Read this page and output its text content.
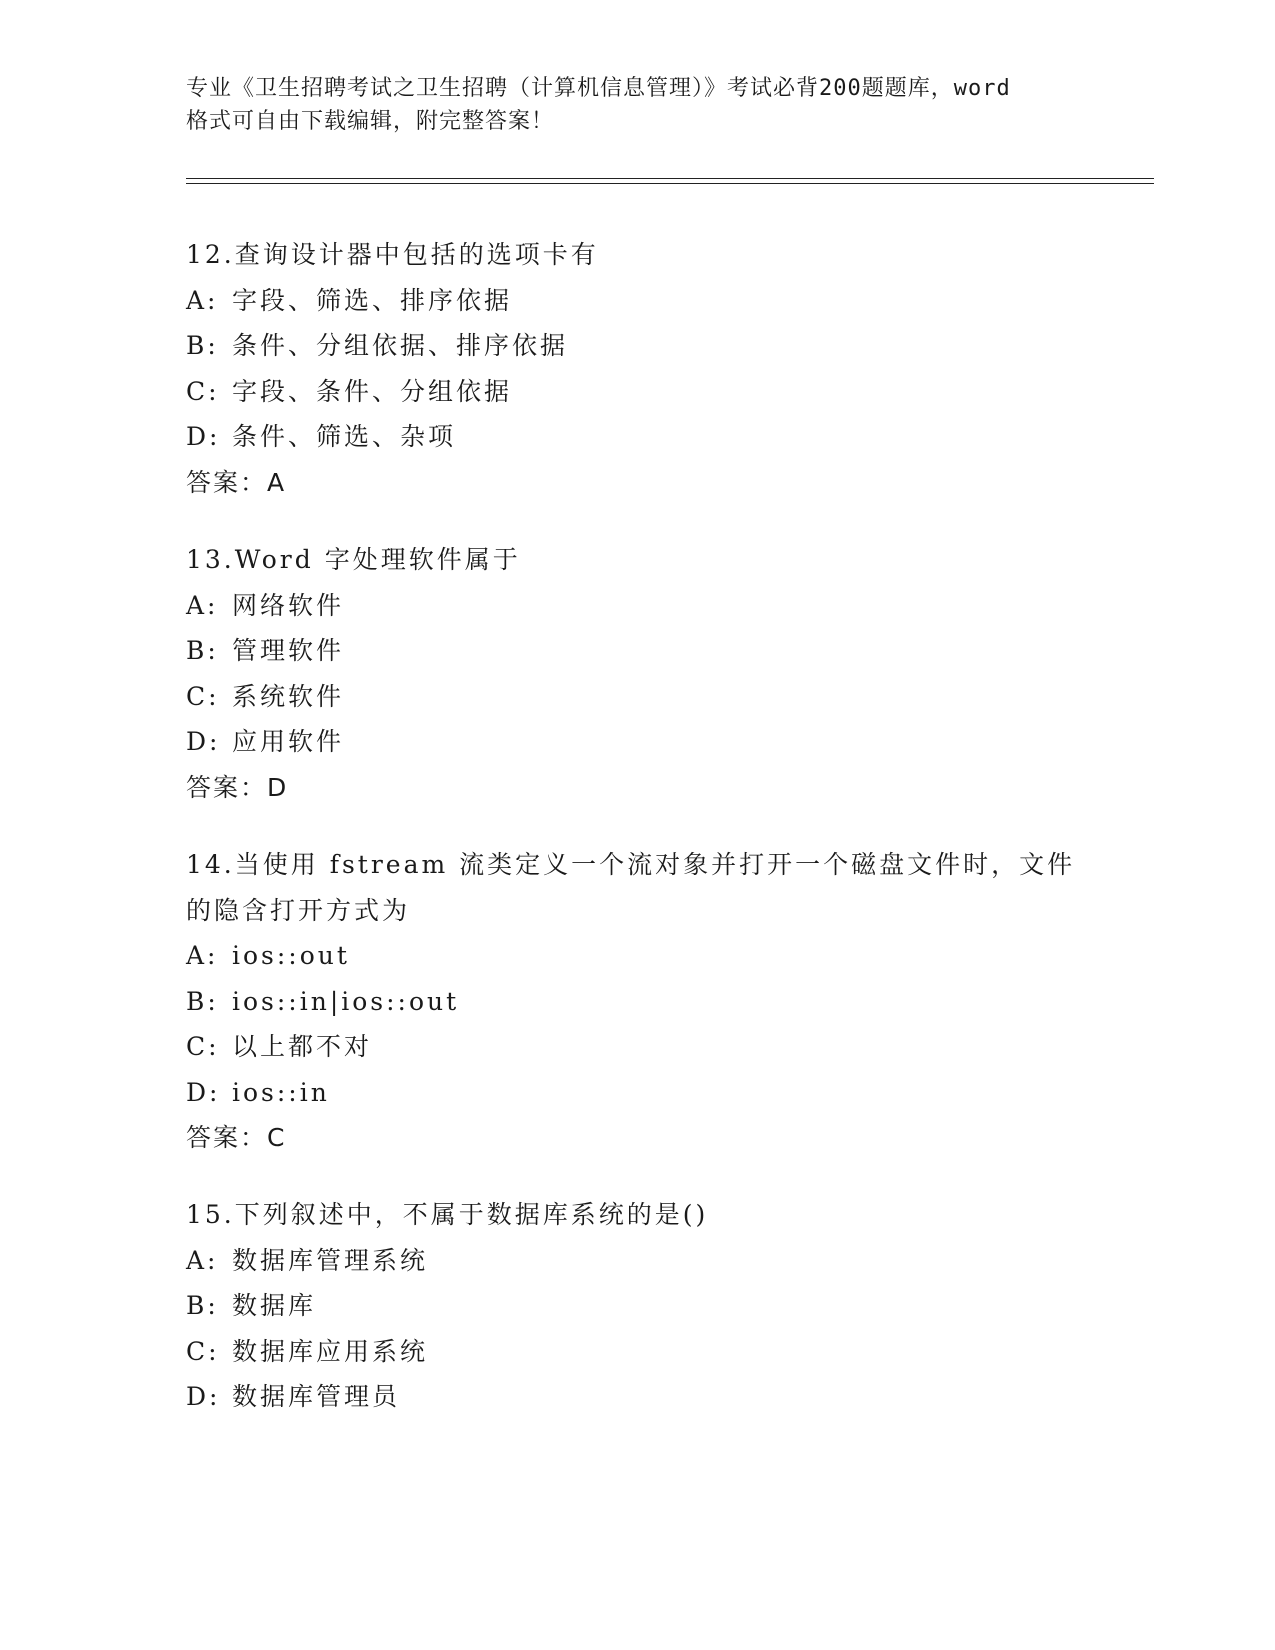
专业《卫生招聘考试之卫生招聘（计算机信息管理）》考试必背200题题库，word
格式可自由下载编辑，附完整答案！
12.查询设计器中包括的选项卡有
A: 字段、筛选、排序依据
B: 条件、分组依据、排序依据
C: 字段、条件、分组依据
D: 条件、筛选、杂项
答案：A
13.Word 字处理软件属于
A: 网络软件
B: 管理软件
C: 系统软件
D: 应用软件
答案：D
14.当使用 fstream 流类定义一个流对象并打开一个磁盘文件时，文件
的隐含打开方式为
A: ios::out
B: ios::in|ios::out
C: 以上都不对
D: ios::in
答案：C
15.下列叙述中，不属于数据库系统的是()
A: 数据库管理系统
B: 数据库
C: 数据库应用系统
D: 数据库管理员
